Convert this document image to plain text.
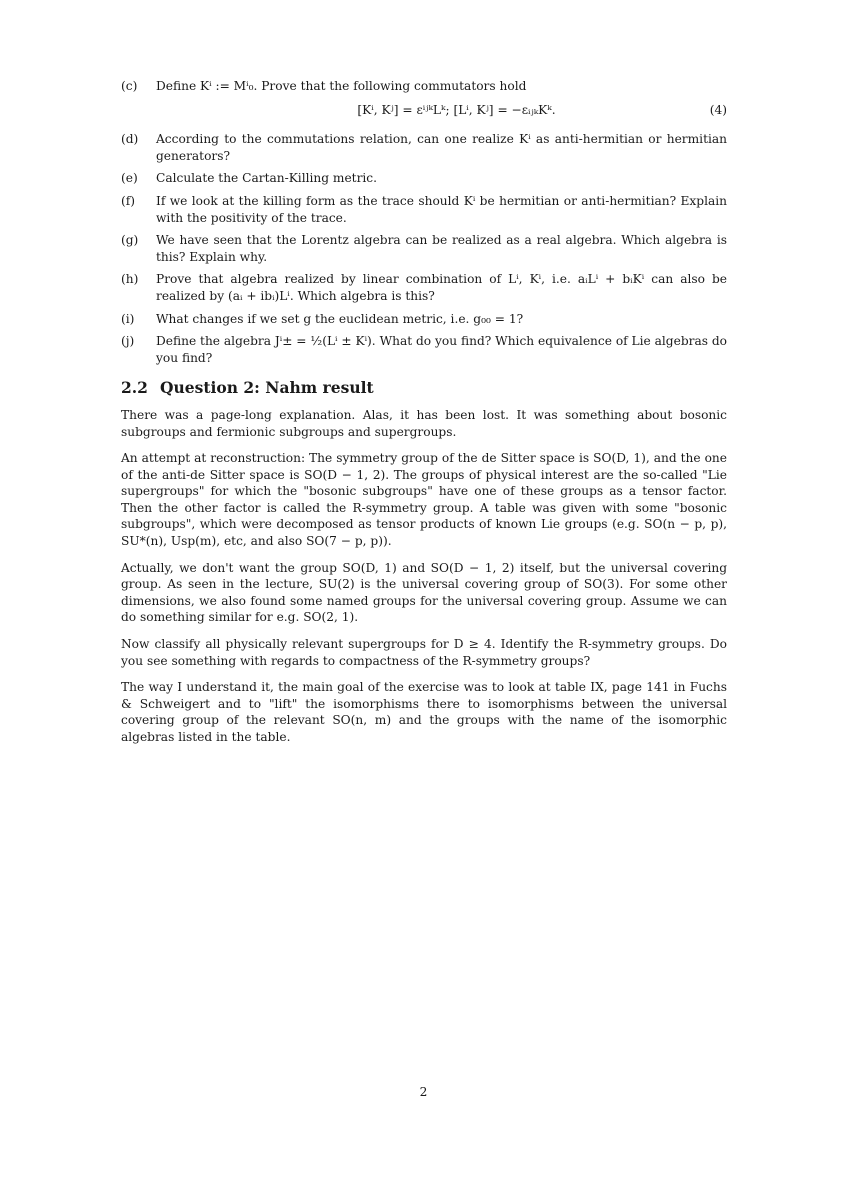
(c)	Define Kⁱ := Mⁱ₀. Prove that the following commutators hold
[Kⁱ, Kʲ] = εⁱʲᵏLᵏ; [Lⁱ, Kʲ] = −εᵢⱼₖKᵏ.	(4)
(d)	According to the commutations relation, can one realize Kⁱ as anti-hermitian or hermitian generators?
(e)	Calculate the Cartan-Killing metric.
(f)	If we look at the killing form as the trace should Kⁱ be hermitian or anti-hermitian? Explain with the positivity of the trace.
(g)	We have seen that the Lorentz algebra can be realized as a real algebra. Which algebra is this? Explain why.
(h)	Prove that algebra realized by linear combination of Lⁱ, Kⁱ, i.e. aᵢLⁱ + bᵢKⁱ can also be realized by (aᵢ + ibᵢ)Lⁱ. Which algebra is this?
(i)	What changes if we set g the euclidean metric, i.e. g₀₀ = 1?
(j)	Define the algebra Jⁱ± = ½(Lⁱ ± Kⁱ). What do you find? Which equivalence of Lie algebras do you find?
2.2 Question 2: Nahm result

There was a page-long explanation. Alas, it has been lost. It was something about bosonic subgroups and fermionic subgroups and supergroups.

An attempt at reconstruction: The symmetry group of the de Sitter space is SO(D, 1), and the one of the anti-de Sitter space is SO(D − 1, 2). The groups of physical interest are the so-called "Lie supergroups" for which the "bosonic subgroups" have one of these groups as a tensor factor. Then the other factor is called the R-symmetry group. A table was given with some "bosonic subgroups", which were decomposed as tensor products of known Lie groups (e.g. SO(n − p, p), SU*(n), Usp(m), etc, and also SO(7 − p, p)).

Actually, we don't want the group SO(D, 1) and SO(D − 1, 2) itself, but the universal covering group. As seen in the lecture, SU(2) is the universal covering group of SO(3). For some other dimensions, we also found some named groups for the universal covering group. Assume we can do something similar for e.g. SO(2, 1).

Now classify all physically relevant supergroups for D ≥ 4. Identify the R-symmetry groups. Do you see something with regards to compactness of the R-symmetry groups?

The way I understand it, the main goal of the exercise was to look at table IX, page 141 in Fuchs & Schweigert and to "lift" the isomorphisms there to isomorphisms between the universal covering group of the relevant SO(n, m) and the groups with the name of the isomorphic algebras listed in the table.

2
